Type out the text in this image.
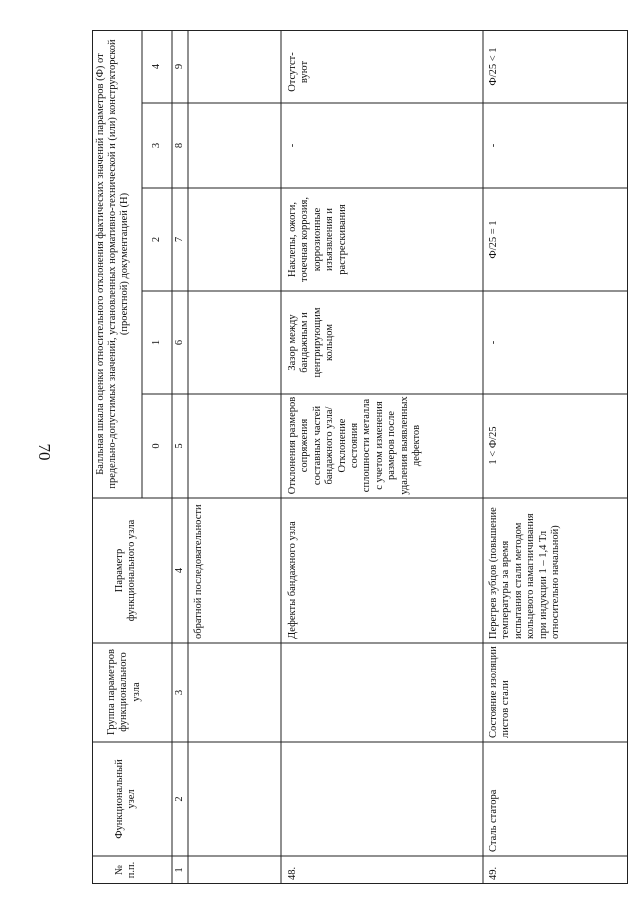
70
№
п.п.
Функциональный
узел
Группа параметров
функционального
узла
Параметр
функционального узла
Балльная шкала оценки относительного отклонения фактических значений параметров (Ф) от предельно-допустимых значений, установленных нормативно-технической и (или) конструкторской (проектной) документацией (Н)
0
1
2
3
4
1
2
3
4
5
6
7
8
9
обратной последовательности
48.
Дефекты бандажного узла
Отклонения размеров сопряжения составных частей бандажного узла/ Отклонение состояния сплошности металла с учетом изменения размеров после удаления выявленных дефектов
Зазор между бандажным и центрирующим кольцом
Наклепы, ожоги, точечная коррозия, коррозионные изъязвления и растрескивания
-
Отсутст-вуют
49.
Сталь статора
Состояние изоляции листов стали
Перегрев зубцов (повышение температуры за время испытания стали методом кольцевого намагничивания при индукции 1 – 1,4 Тл относительно начальной)
1 < Ф/25
-
Ф/25 = 1
-
Ф/25 < 1
